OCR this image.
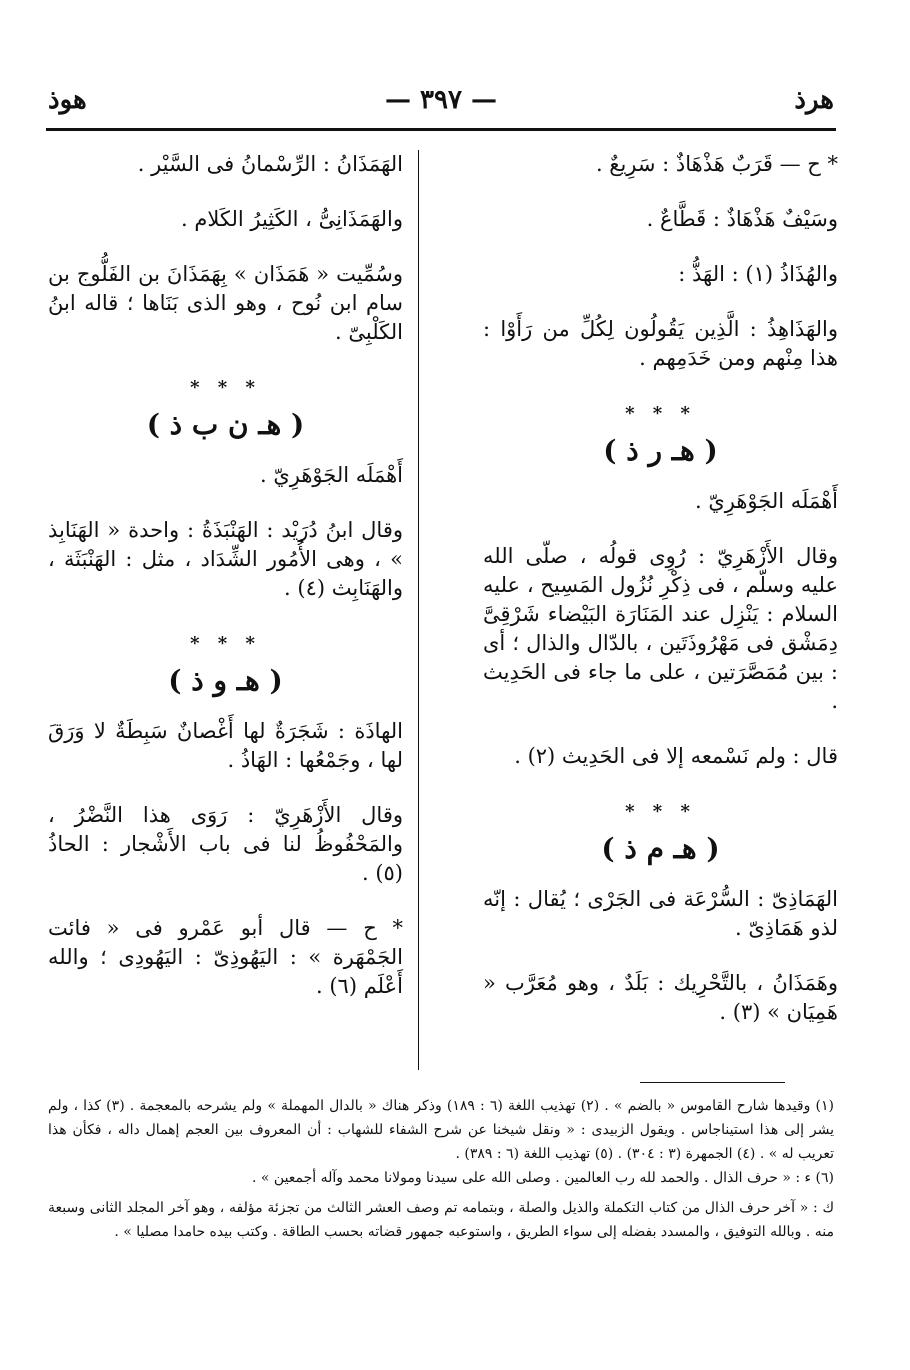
هرذ
— ٣٩٧ —
هوذ

* ح — قَرَبٌ هَذْهَاذٌ : سَرِيعٌ .

وسَيْفٌ هَذْهَاذٌ : قَطَّاعٌ .

والهُذَاذُ (١) : الهَذُّ :

والهَذَاهِذُ : الَّذِين يَقُولُون لِكُلِّ من رَأَوْا : هذا مِنْهم ومن خَدَمِهم .

* * *
( هـ ر ذ )

أَهْمَلَه الجَوْهَرِيّ .

وقال الأَزْهَرِيّ : رُوِى قولُه ، صلّى الله عليه وسلّم ، فى ذِكْرِ نُزُول المَسِيح ، عليه السلام : يَنْزِل عند المَنَارَة البَيْضاء شَرْقِىَّ دِمَشْق فى مَهْرُوذَتَين ، بالدّال والذال ؛ أى : بين مُمَصَّرَتين ، على ما جاء فى الحَدِيث .

قال : ولم نَسْمعه إلا فى الحَدِيث (٢) .

* * *
( هـ م ذ )

الهَمَاذِىّ : السُّرْعَة فى الجَرْى ؛ يُقال : إنّه لذو هَمَاذِىّ .

وهَمَذَانُ ، بالتَّحْرِيك : بَلَدٌ ، وهو مُعَرَّب « هَمِيَان » (٣) .

الهَمَذَانُ : الرِّسْمانُ فى السَّيْر .

والهَمَذَانِىُّ ، الكَثِيرُ الكَلام .

وسُمِّيت « هَمَذَان » بِهَمَذَانَ بن الفَلُّوج بن سام ابن نُوح ، وهو الذى بَنَاها ؛ قاله ابنُ الكَلْبِىّ .

* * *
( هـ ن ب ذ )

أَهْمَلَه الجَوْهَرِيّ .

وقال ابنُ دُرَيْد : الهَنْبَذَةُ : واحدة « الهَنَابِذ » ، وهى الأُمُور الشِّدَاد ، مثل : الهَنْبَثَة ، والهَنَابِث (٤) .

* * *
( هـ و ذ )

الهاذَة : شَجَرَةٌ لها أَغْصانٌ سَبِطَةٌ لا وَرَقَ لها ، وجَمْعُها : الهَاذُ .

وقال الأَزْهَرِيّ : رَوَى هذا النَّضْرُ ، والمَحْفُوظُ لنا فى باب الأَشْجار : الحاذُ (٥) .

* ح — قال أبو عَمْرو فى « فائت الجَمْهَرة » : اليَهُوذِىّ : اليَهُودِى ؛ والله أَعْلَم (٦) .

(١) وقيدها شارح القاموس « بالضم » . (٢) تهذيب اللغة (٦ : ١٨٩) وذكر هناك « بالدال المهملة » ولم يشرحه بالمعجمة . (٣) كذا ، ولم يشر إلى هذا استيناجاس . ويقول الزبيدى : « ونقل شيخنا عن شرح الشفاء للشهاب : أن المعروف بين العجم إهمال داله ، فكأن هذا تعريب له » . (٤) الجمهرة (٣ : ٣٠٤) . (٥) تهذيب اللغة (٦ : ٣٨٩) .

(٦) ء : « حرف الذال . والحمد لله رب العالمين . وصلى الله على سيدنا ومولانا محمد وآله أجمعين » .

ك : « آخر حرف الذال من كتاب التكملة والذيل والصلة ، وبتمامه تم وصف العشر الثالث من تجزئة مؤلفه ، وهو آخر المجلد الثانى وسبعة منه . وبالله التوفيق ، والمسدد بفضله إلى سواء الطريق ، واستوعبه جمهور قضاته بحسب الطاقة . وكتب بيده حامدا مصليا » .
